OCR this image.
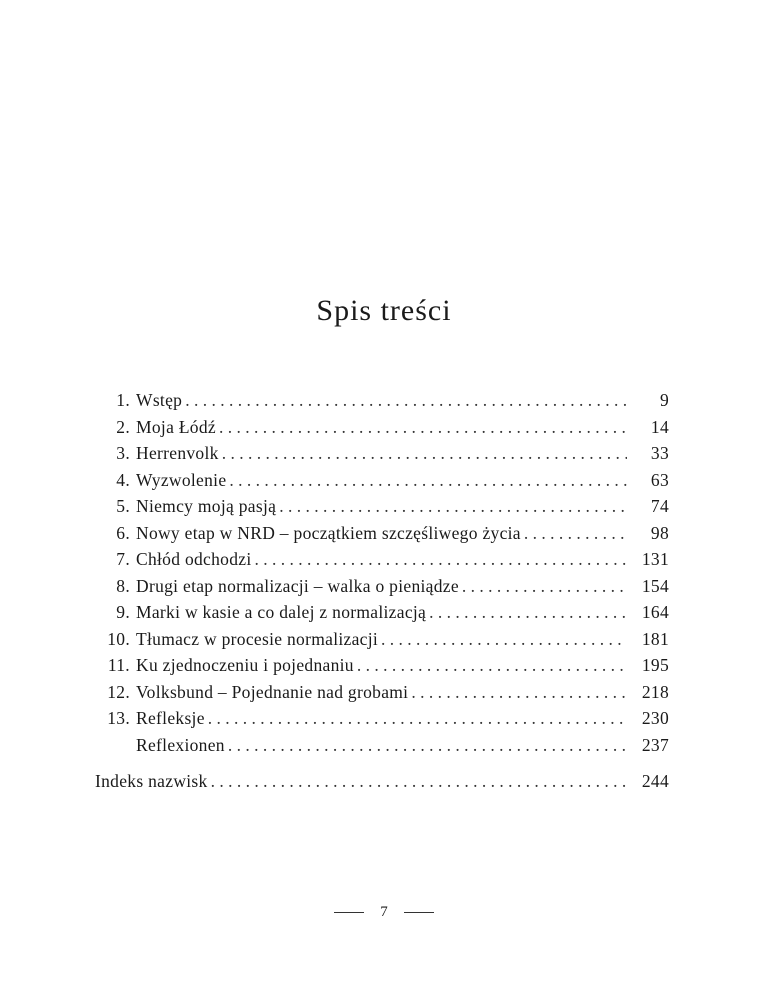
Spis treści
1. Wstęp . . .	9
2. Moja Łódź . . .	14
3. Herrenvolk . . .	33
4. Wyzwolenie . . .	63
5. Niemcy moją pasją . . .	74
6. Nowy etap w NRD – początkiem szczęśliwego życia . . .	98
7. Chłód odchodzi . . .	131
8. Drugi etap normalizacji – walka o pieniądze . . .	154
9. Marki w kasie a co dalej z normalizacją . . .	164
10. Tłumacz w procesie normalizacji . . .	181
11. Ku zjednoczeniu i pojednaniu . . .	195
12. Volksbund – Pojednanie nad grobami . . .	218
13. Refleksje . . .	230
Reflexionen . . .	237
Indeks nazwisk . . .	244
7
